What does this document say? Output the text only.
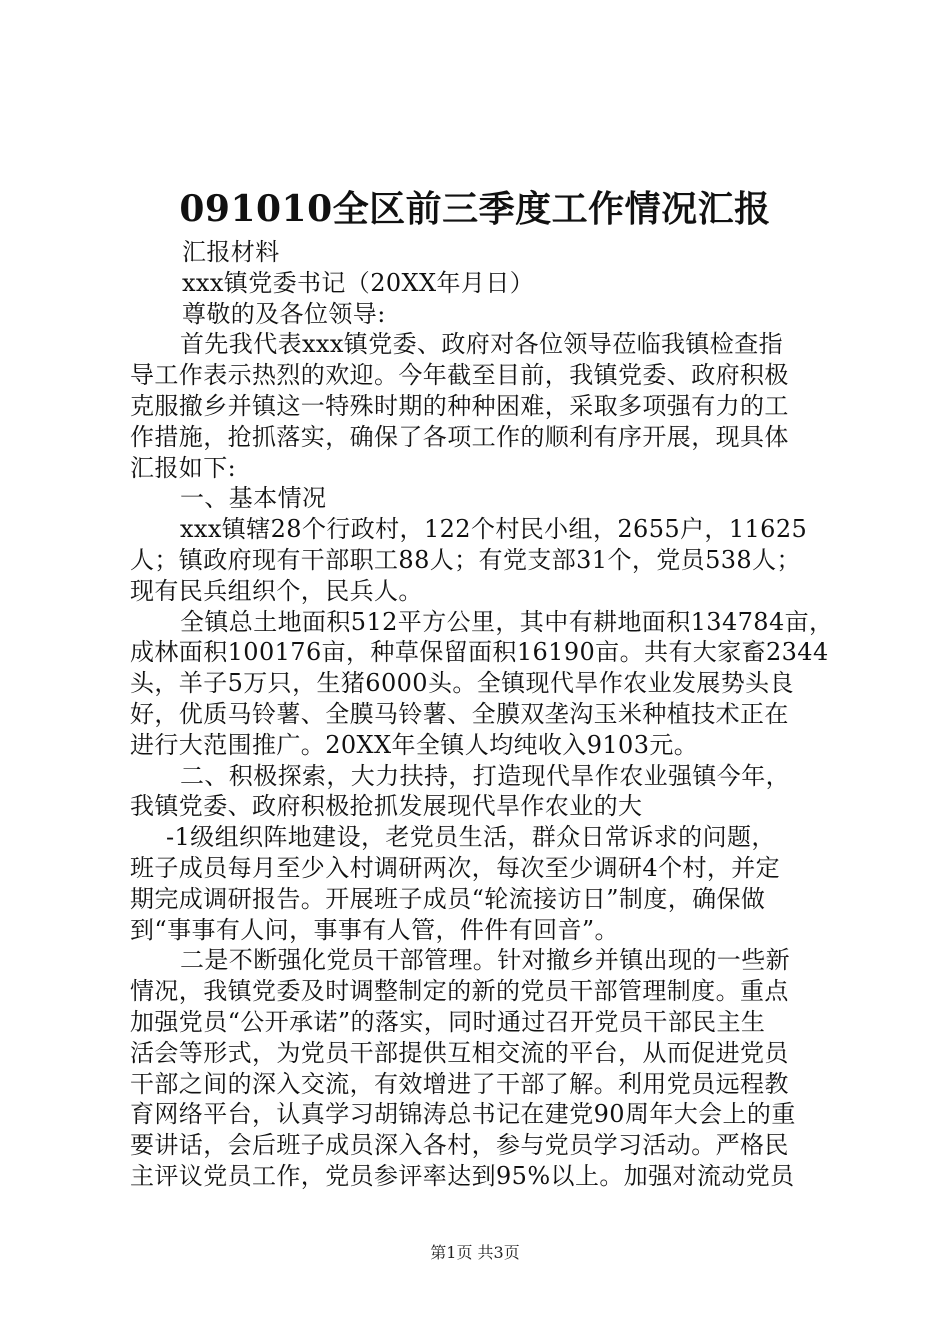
091010全区前三季度工作情况汇报
汇报材料
xxx镇党委书记（20XX年月日）
尊敬的及各位领导:
首先我代表xxx镇党委、政府对各位领导莅临我镇检查指
导工作表示热烈的欢迎。今年截至目前，我镇党委、政府积极
克服撤乡并镇这一特殊时期的种种困难，采取多项强有力的工
作措施，抢抓落实，确保了各项工作的顺利有序开展，现具体
汇报如下:
一、基本情况
xxx镇辖28个行政村，122个村民小组，2655户，11625
人；镇政府现有干部职工88人；有党支部31个，党员538人；
现有民兵组织个，民兵人。
全镇总土地面积512平方公里，其中有耕地面积134784亩，
成林面积100176亩，种草保留面积16190亩。共有大家畜2344
头，羊子5万只，生猪6000头。全镇现代旱作农业发展势头良
好，优质马铃薯、全膜马铃薯、全膜双垄沟玉米种植技术正在
进行大范围推广。20XX年全镇人均纯收入9103元。
二、积极探索，大力扶持，打造现代旱作农业强镇今年，
我镇党委、政府积极抢抓发展现代旱作农业的大
-1级组织阵地建设，老党员生活，群众日常诉求的问题，
班子成员每月至少入村调研两次，每次至少调研4个村，并定
期完成调研报告。开展班子成员“轮流接访日”制度，确保做
到“事事有人问，事事有人管，件件有回音”。
二是不断强化党员干部管理。针对撤乡并镇出现的一些新
情况，我镇党委及时调整制定的新的党员干部管理制度。重点
加强党员“公开承诺”的落实，同时通过召开党员干部民主生
活会等形式，为党员干部提供互相交流的平台，从而促进党员
干部之间的深入交流，有效增进了干部了解。利用党员远程教
育网络平台，认真学习胡锦涛总书记在建党90周年大会上的重
要讲话，会后班子成员深入各村，参与党员学习活动。严格民
主评议党员工作，党员参评率达到95%以上。加强对流动党员
第1页 共3页
